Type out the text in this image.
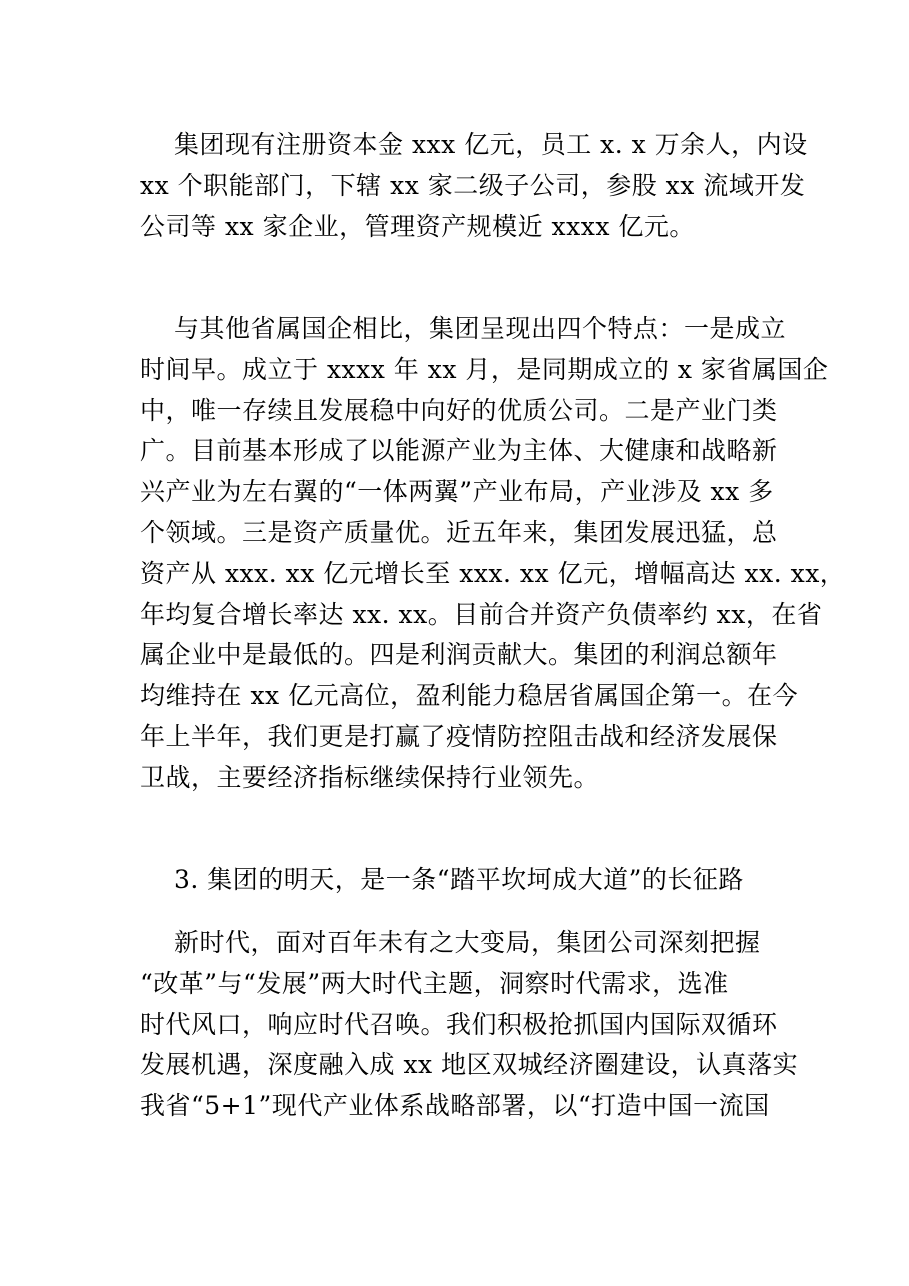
集团现有注册资本金 xxx 亿元，员工 x. x 万余人，内设
xx 个职能部门，下辖 xx 家二级子公司，参股 xx 流域开发
公司等 xx 家企业，管理资产规模近 xxxx 亿元。
与其他省属国企相比，集团呈现出四个特点：一是成立
时间早。成立于 xxxx 年 xx 月，是同期成立的 x 家省属国企
中，唯一存续且发展稳中向好的优质公司。二是产业门类
广。目前基本形成了以能源产业为主体、大健康和战略新
兴产业为左右翼的“一体两翼”产业布局，产业涉及 xx 多
个领域。三是资产质量优。近五年来，集团发展迅猛，总
资产从 xxx. xx 亿元增长至 xxx. xx 亿元，增幅高达 xx. xx，
年均复合增长率达 xx. xx。目前合并资产负债率约 xx，在省
属企业中是最低的。四是利润贡献大。集团的利润总额年
均维持在 xx 亿元高位，盈利能力稳居省属国企第一。在今
年上半年，我们更是打赢了疫情防控阻击战和经济发展保
卫战，主要经济指标继续保持行业领先。
3. 集团的明天，是一条“踏平坎坷成大道”的长征路
新时代，面对百年未有之大变局，集团公司深刻把握
“改革”与“发展”两大时代主题，洞察时代需求，选准
时代风口，响应时代召唤。我们积极抢抓国内国际双循环
发展机遇，深度融入成 xx 地区双城经济圈建设，认真落实
我省“5+1”现代产业体系战略部署，以“打造中国一流国
